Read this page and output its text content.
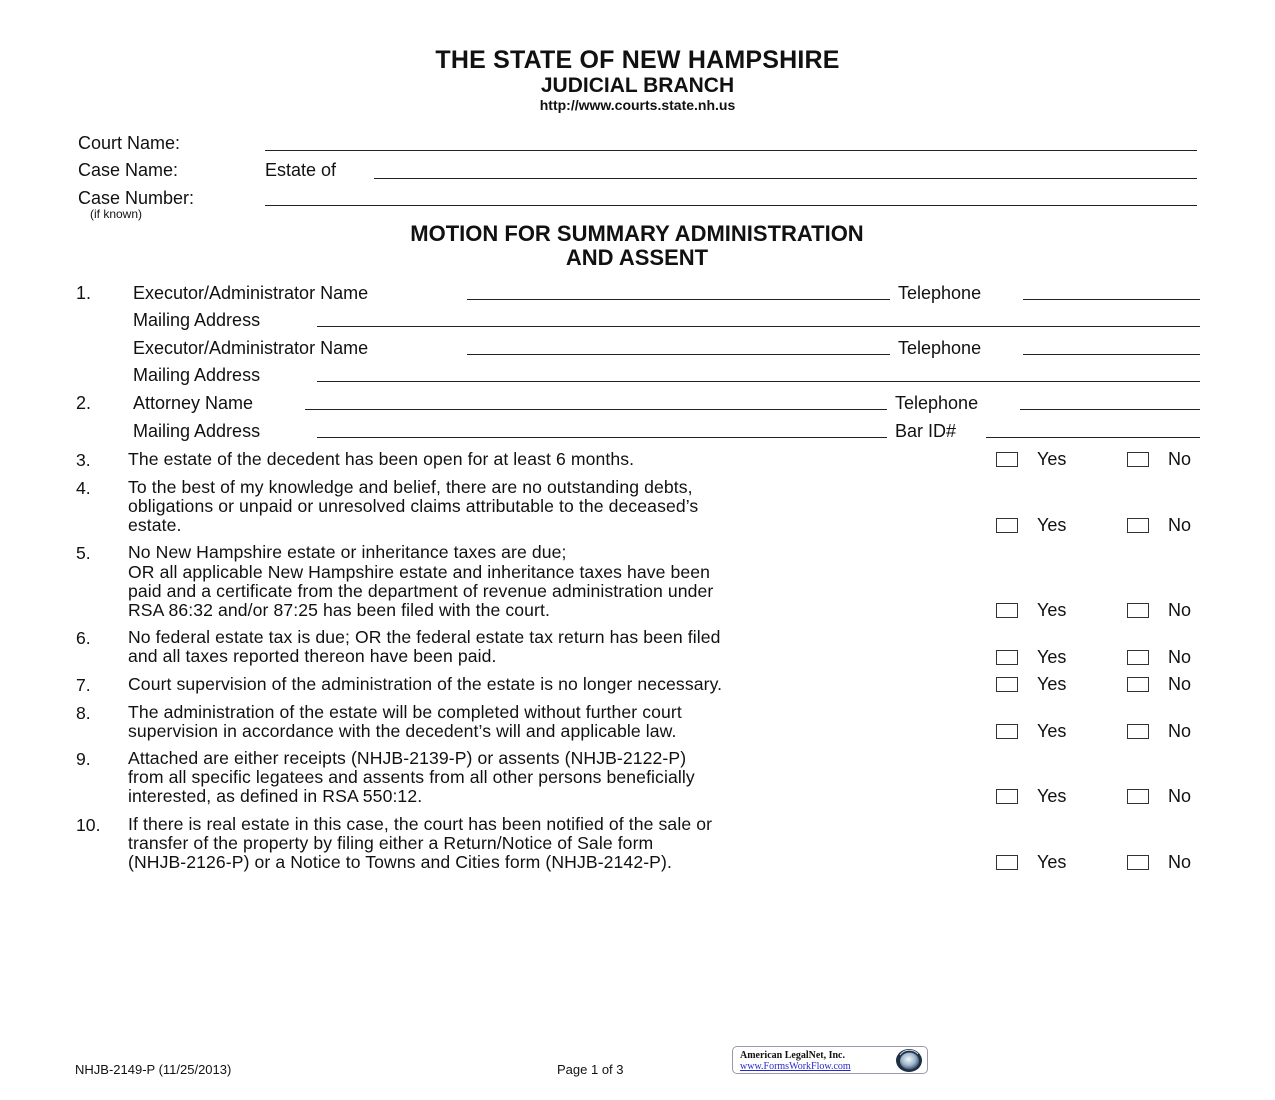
THE STATE OF NEW HAMPSHIRE
JUDICIAL BRANCH
http://www.courts.state.nh.us
Court Name:
Case Name:	Estate of
Case Number:
(if known)
MOTION FOR SUMMARY ADMINISTRATION
AND ASSENT
1. Executor/Administrator Name	Telephone
Mailing Address
Executor/Administrator Name	Telephone
Mailing Address
2. Attorney Name	Telephone
Mailing Address	Bar ID#
3. The estate of the decedent has been open for at least 6 months.	Yes	No
4. To the best of my knowledge and belief, there are no outstanding debts,
obligations or unpaid or unresolved claims attributable to the deceased’s
estate.	Yes	No
5. No New Hampshire estate or inheritance taxes are due;
OR all applicable New Hampshire estate and inheritance taxes have been
paid and a certificate from the department of revenue administration under
RSA 86:32 and/or 87:25 has been filed with the court.	Yes	No
6. No federal estate tax is due; OR the federal estate tax return has been filed
and all taxes reported thereon have been paid.	Yes	No
7. Court supervision of the administration of the estate is no longer necessary.	Yes	No
8. The administration of the estate will be completed without further court
supervision in accordance with the decedent’s will and applicable law.	Yes	No
9. Attached are either receipts (NHJB-2139-P) or assents (NHJB-2122-P)
from all specific legatees and assents from all other persons beneficially
interested, as defined in RSA 550:12.	Yes	No
10. If there is real estate in this case, the court has been notified of the sale or
transfer of the property by filing either a Return/Notice of Sale form
(NHJB-2126-P) or a Notice to Towns and Cities form (NHJB-2142-P).	Yes	No
NHJB-2149-P (11/25/2013)	Page 1 of 3
American LegalNet, Inc.
www.FormsWorkFlow.com
